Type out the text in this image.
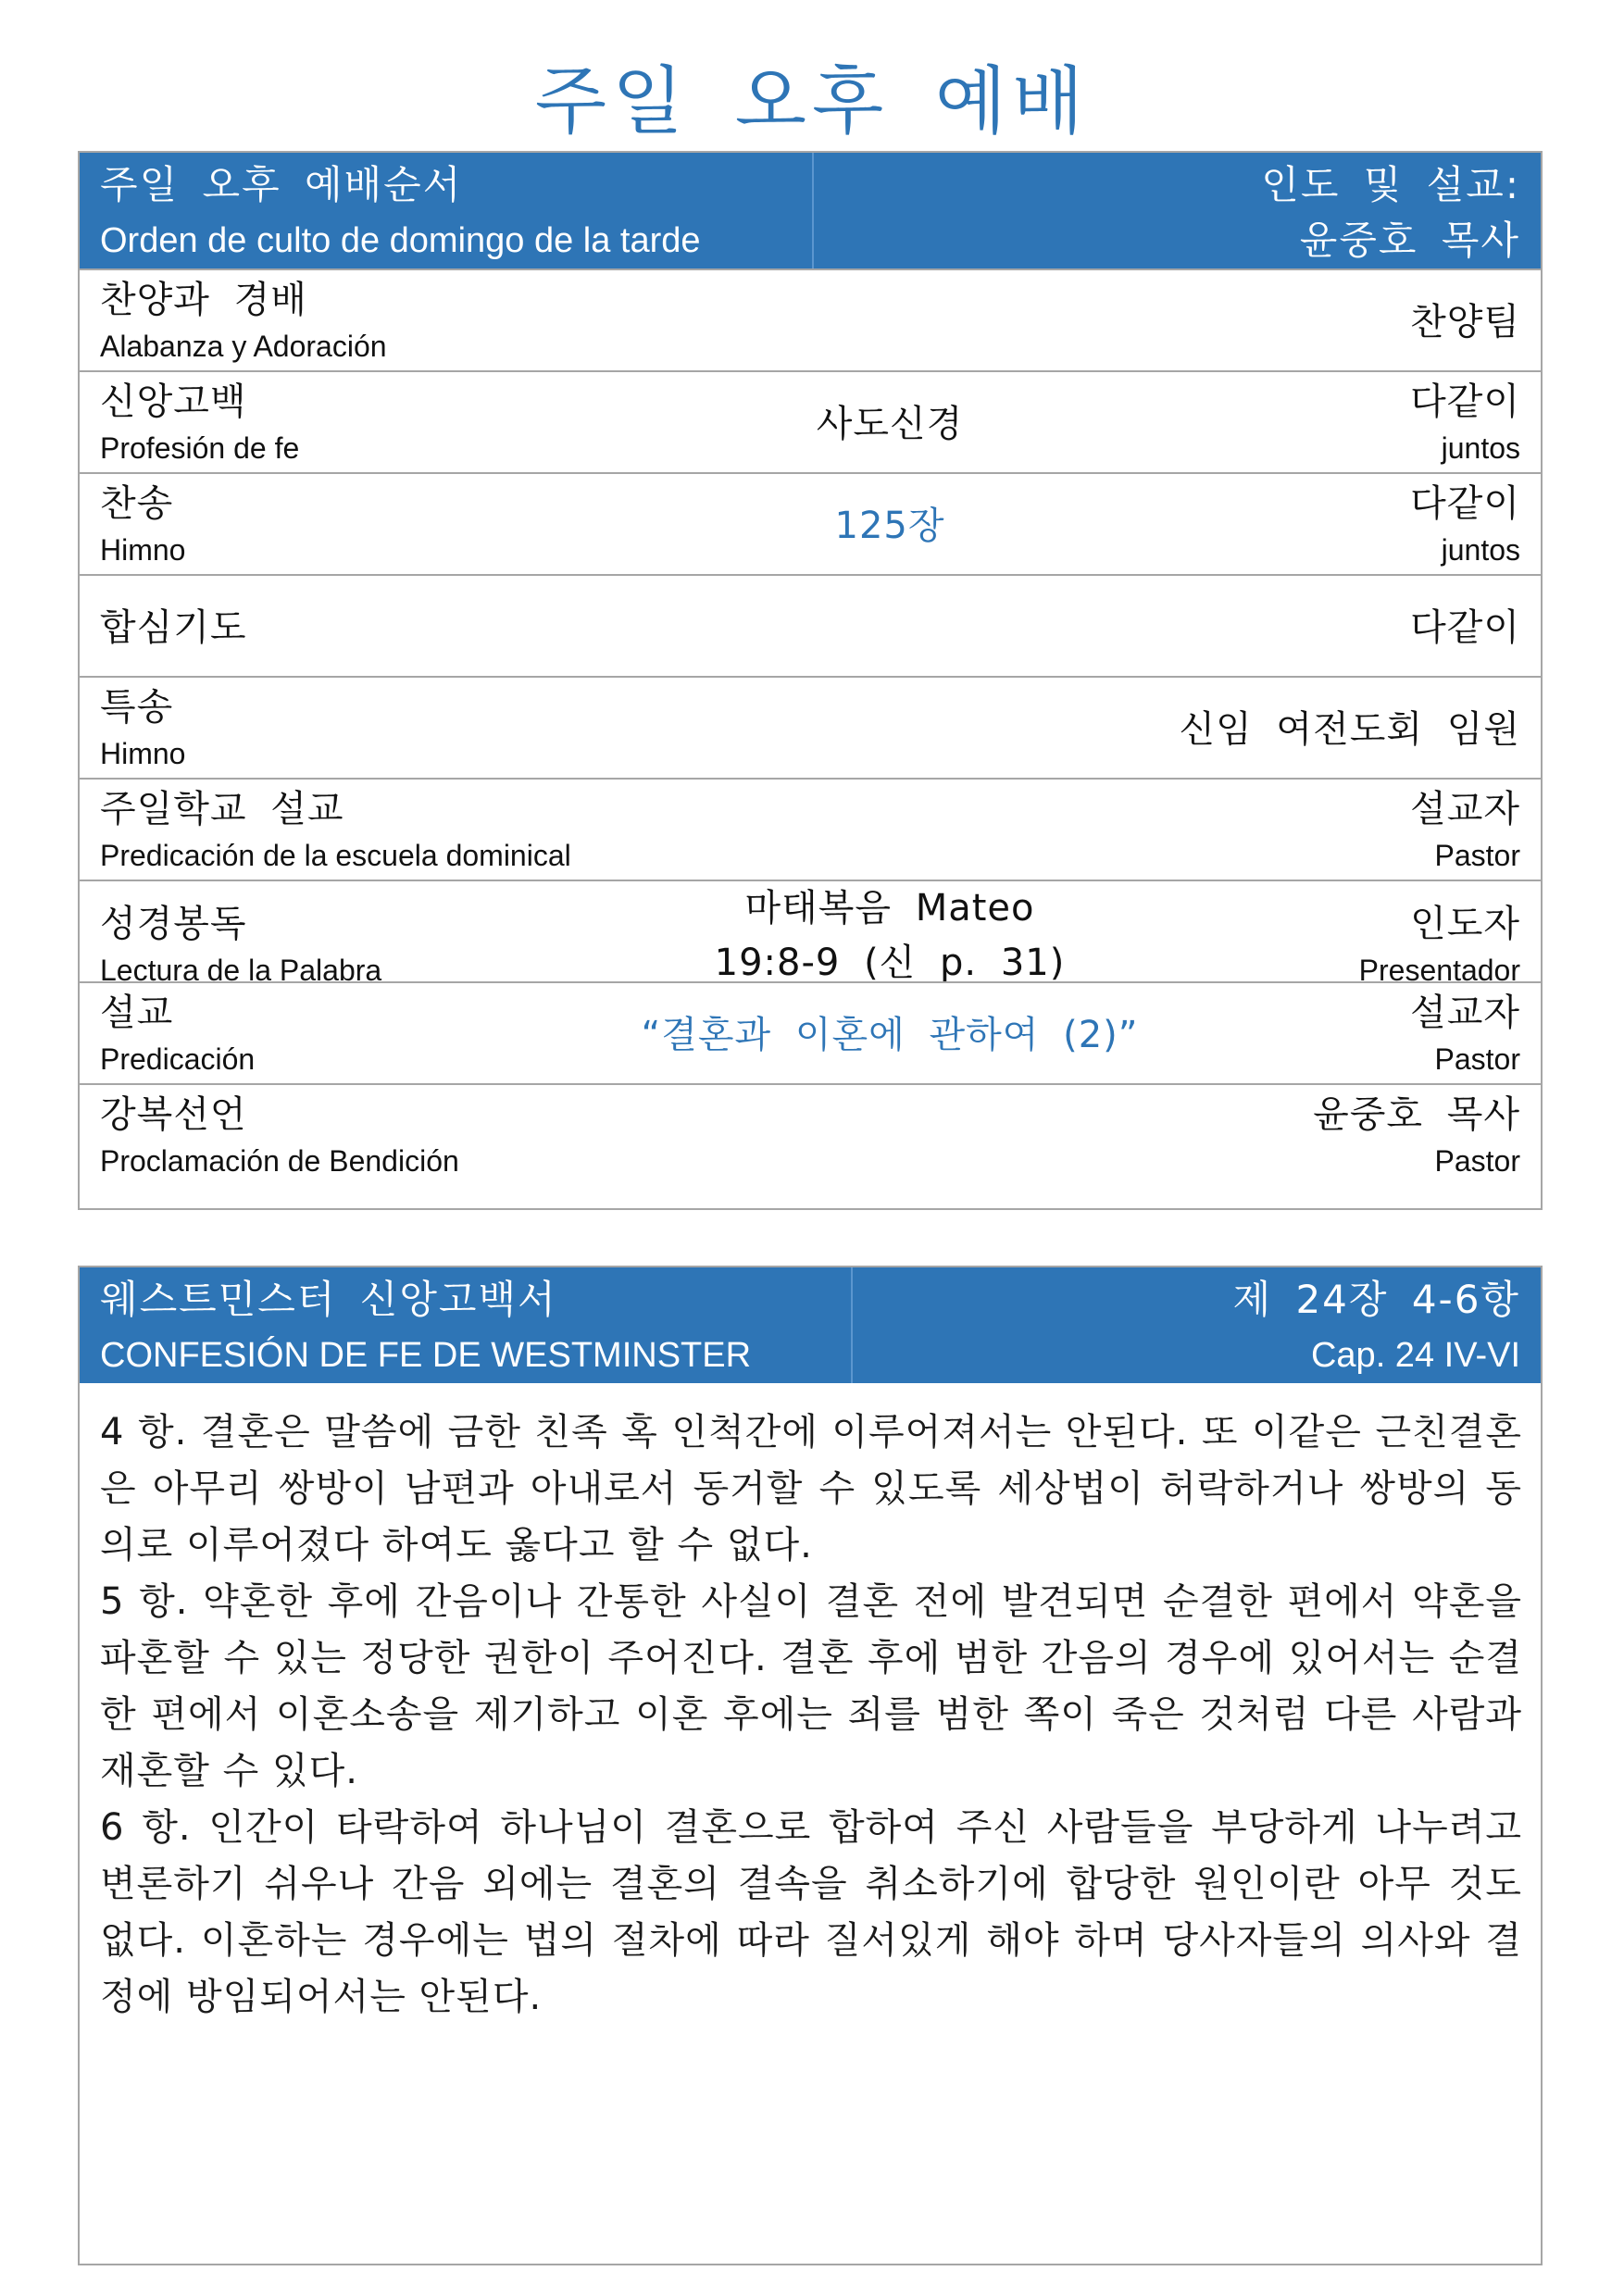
주일 오후 예배
주일 오후 예배순서
Orden de culto de domingo de la tarde
인도 및 설교:
윤중호 목사
찬양과 경배
Alabanza y Adoración
찬양팀
신앙고백
Profesión de fe
사도신경
다같이
juntos
찬송
Himno
125장
다같이
juntos
합심기도	다같이
특송
Himno
신임 여전도회 임원
주일학교 설교
Predicación de la escuela dominical
설교자
Pastor
성경봉독
Lectura de la Palabra
마태복음 Mateo
19:8-9 (신 p. 31)
인도자
Presentador
설교
Predicación
“결혼과 이혼에 관하여 (2)”
설교자
Pastor
강복선언
Proclamación de Bendición
윤중호 목사
Pastor
웨스트민스터 신앙고백서
CONFESIÓN DE FE DE WESTMINSTER
제 24장 4-6항
Cap. 24 IV-VI

4 항. 결혼은 말씀에 금한 친족 혹 인척간에 이루어져서는 안된다. 또 이같은 근친결혼은 아무리 쌍방이 남편과 아내로서 동거할 수 있도록 세상법이 허락하거나 쌍방의 동의로 이루어졌다 하여도 옳다고 할 수 없다.

5 항. 약혼한 후에 간음이나 간통한 사실이 결혼 전에 발견되면 순결한 편에서 약혼을 파혼할 수 있는 정당한 권한이 주어진다. 결혼 후에 범한 간음의 경우에 있어서는 순결한 편에서 이혼소송을 제기하고 이혼 후에는 죄를 범한 쪽이 죽은 것처럼 다른 사람과 재혼할 수 있다.

6 항. 인간이 타락하여 하나님이 결혼으로 합하여 주신 사람들을 부당하게 나누려고 변론하기 쉬우나 간음 외에는 결혼의 결속을 취소하기에 합당한 원인이란 아무 것도 없다. 이혼하는 경우에는 법의 절차에 따라 질서있게 해야 하며 당사자들의 의사와 결정에 방임되어서는 안된다.
